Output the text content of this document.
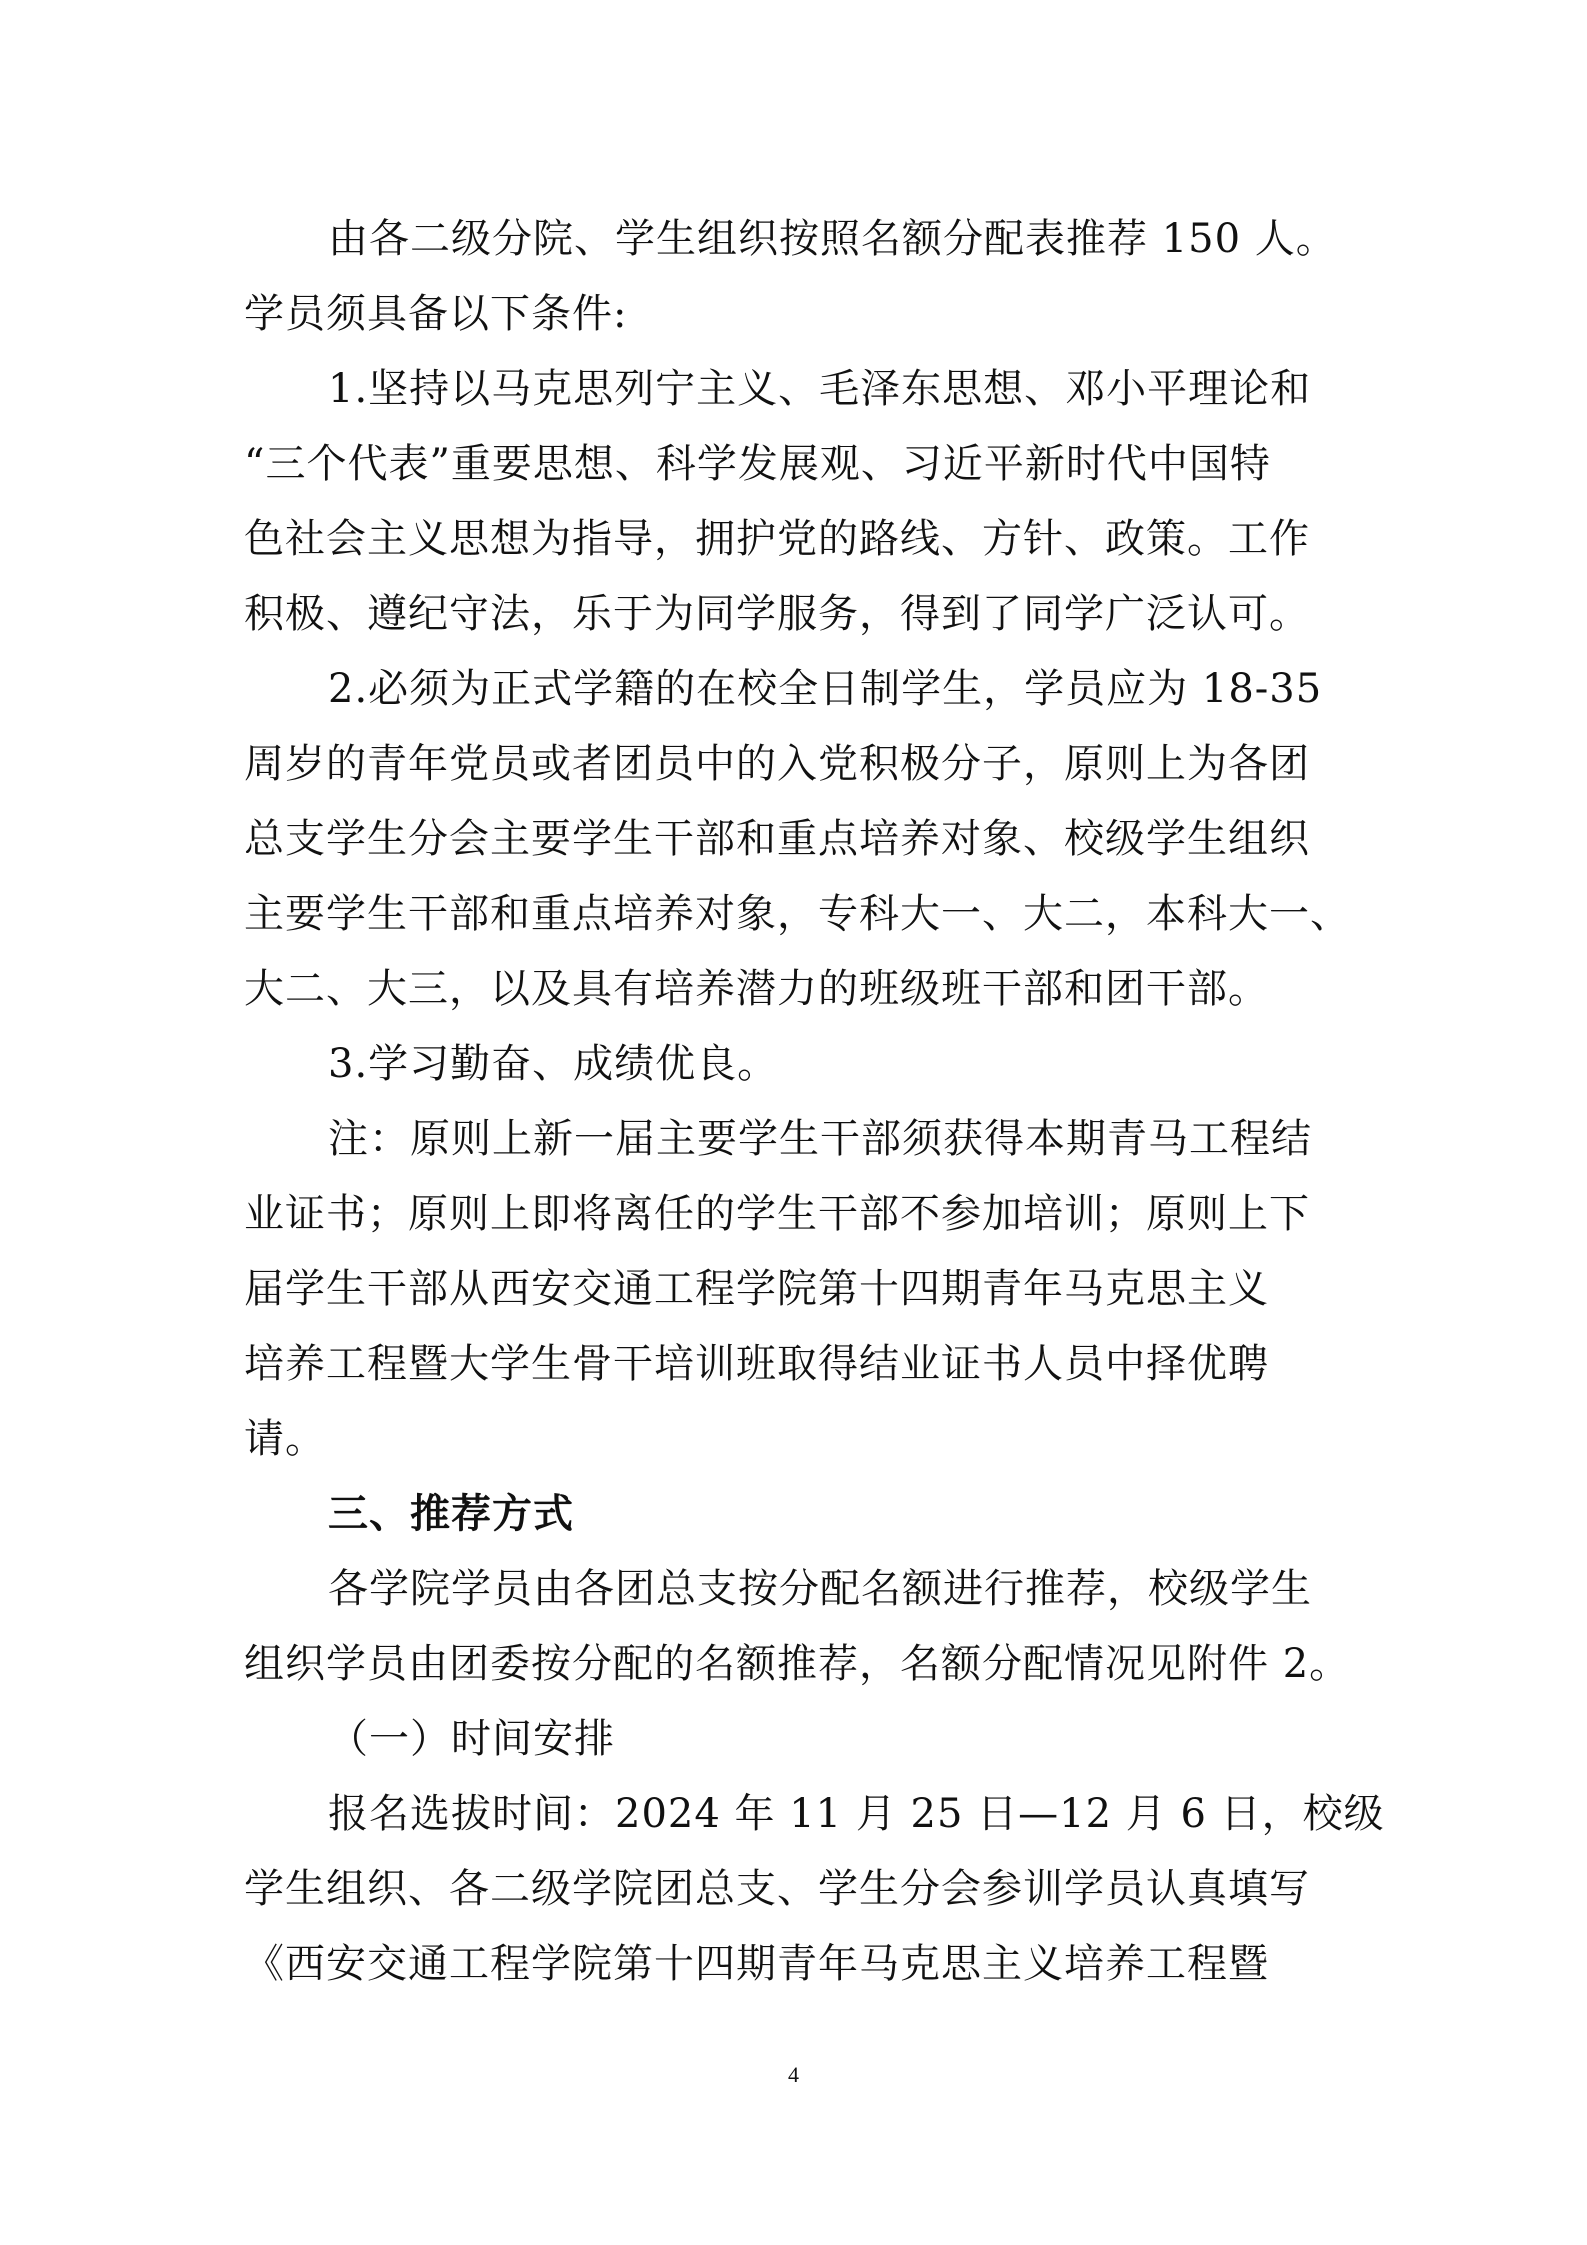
由各二级分院、学生组织按照名额分配表推荐 150 人。
学员须具备以下条件:
1.坚持以马克思列宁主义、毛泽东思想、邓小平理论和
“三个代表”重要思想、科学发展观、习近平新时代中国特
色社会主义思想为指导，拥护党的路线、方针、政策。工作
积极、遵纪守法，乐于为同学服务，得到了同学广泛认可。
2.必须为正式学籍的在校全日制学生，学员应为 18-35
周岁的青年党员或者团员中的入党积极分子，原则上为各团
总支学生分会主要学生干部和重点培养对象、校级学生组织
主要学生干部和重点培养对象，专科大一、大二，本科大一、
大二、大三，以及具有培养潜力的班级班干部和团干部。
3.学习勤奋、成绩优良。
注：原则上新一届主要学生干部须获得本期青马工程结
业证书；原则上即将离任的学生干部不参加培训；原则上下
届学生干部从西安交通工程学院第十四期青年马克思主义
培养工程暨大学生骨干培训班取得结业证书人员中择优聘
请。
三、推荐方式
各学院学员由各团总支按分配名额进行推荐，校级学生
组织学员由团委按分配的名额推荐，名额分配情况见附件 2。
（一）时间安排
报名选拔时间：2024 年 11 月 25 日—12 月 6 日，校级
学生组织、各二级学院团总支、学生分会参训学员认真填写
《西安交通工程学院第十四期青年马克思主义培养工程暨
4
